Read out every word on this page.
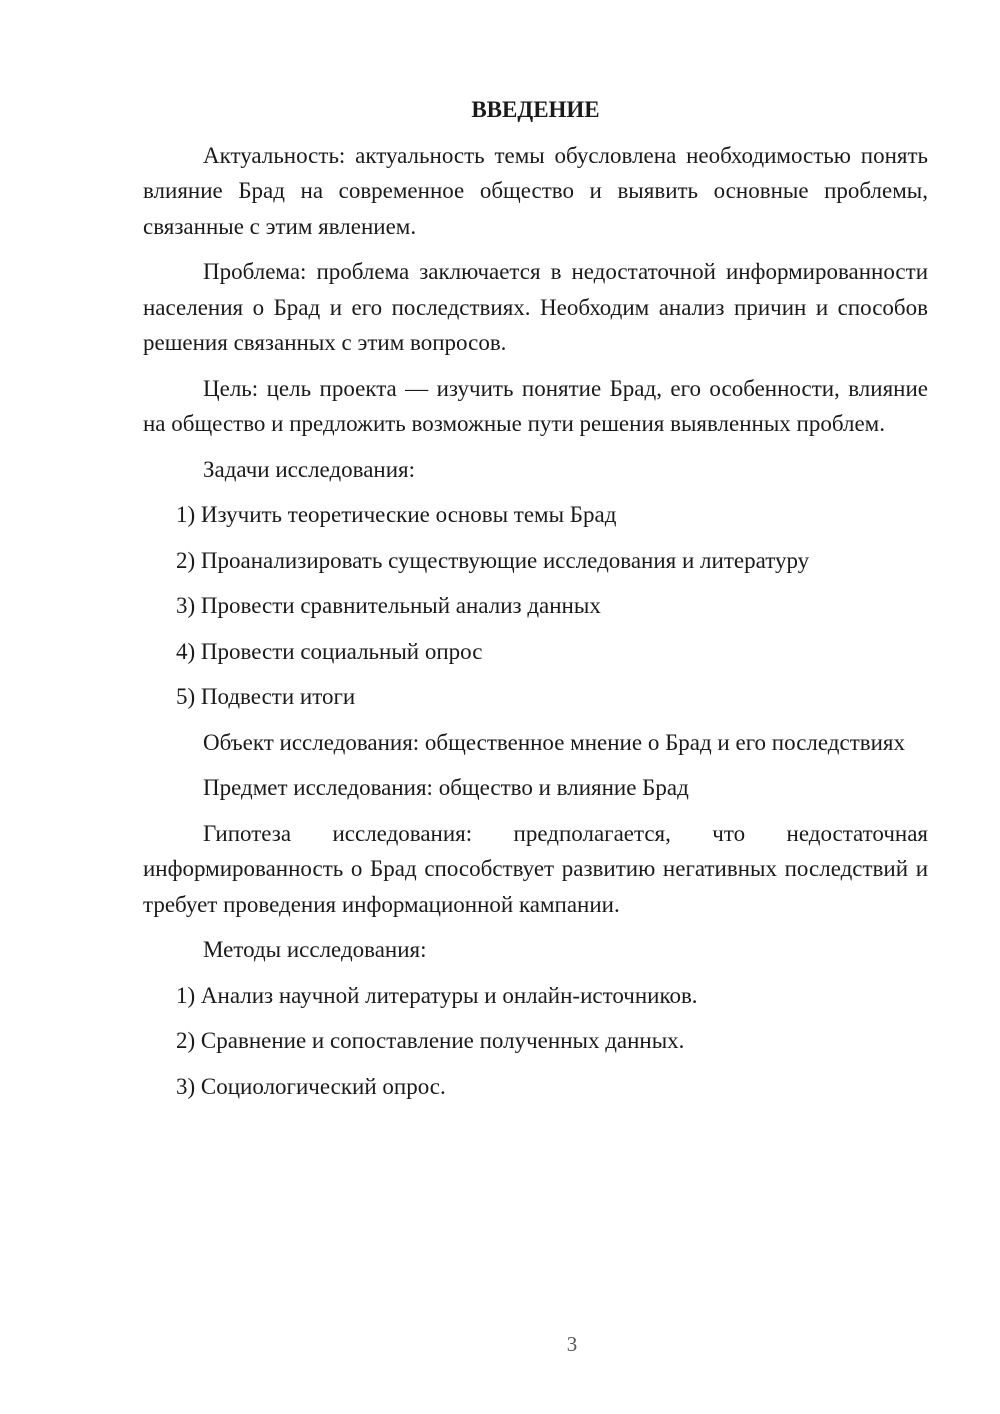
ВВЕДЕНИЕ

Актуальность: актуальность темы обусловлена необходимостью понять влияние Брад на современное общество и выявить основные проблемы, связанные с этим явлением.

Проблема: проблема заключается в недостаточной информированности населения о Брад и его последствиях. Необходим анализ причин и способов решения связанных с этим вопросов.

Цель: цель проекта — изучить понятие Брад, его особенности, влияние на общество и предложить возможные пути решения выявленных проблем.

Задачи исследования:

1) Изучить теоретические основы темы Брад
2) Проанализировать существующие исследования и литературу
3) Провести сравнительный анализ данных
4) Провести социальный опрос
5) Подвести итоги

Объект исследования: общественное мнение о Брад и его последствиях

Предмет исследования: общество и влияние Брад

Гипотеза исследования: предполагается, что недостаточная информированность о Брад способствует развитию негативных последствий и требует проведения информационной кампании.

Методы исследования:

1) Анализ научной литературы и онлайн-источников.
2) Сравнение и сопоставление полученных данных.
3) Социологический опрос.
3
